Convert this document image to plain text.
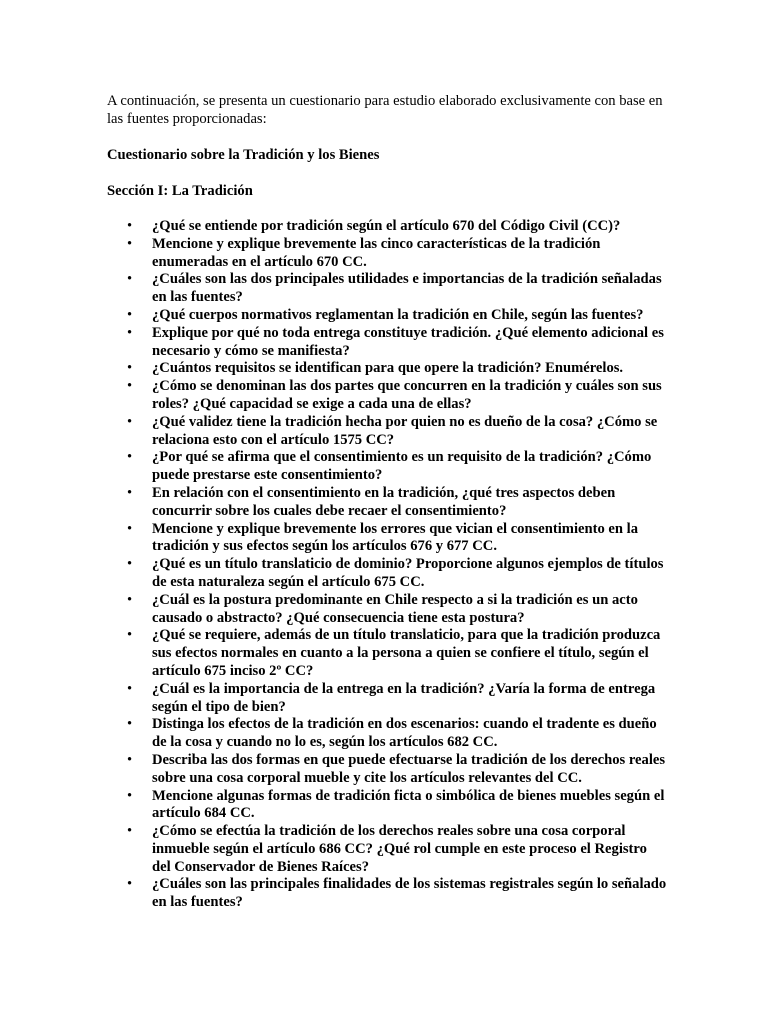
A continuación, se presenta un cuestionario para estudio elaborado exclusivamente con base en las fuentes proporcionadas:

Cuestionario sobre la Tradición y los Bienes

Sección I: La Tradición

• ¿Qué se entiende por tradición según el artículo 670 del Código Civil (CC)?
• Mencione y explique brevemente las cinco características de la tradición enumeradas en el artículo 670 CC.
• ¿Cuáles son las dos principales utilidades e importancias de la tradición señaladas en las fuentes?
• ¿Qué cuerpos normativos reglamentan la tradición en Chile, según las fuentes?
• Explique por qué no toda entrega constituye tradición. ¿Qué elemento adicional es necesario y cómo se manifiesta?
• ¿Cuántos requisitos se identifican para que opere la tradición? Enumérelos.
• ¿Cómo se denominan las dos partes que concurren en la tradición y cuáles son sus roles? ¿Qué capacidad se exige a cada una de ellas?
• ¿Qué validez tiene la tradición hecha por quien no es dueño de la cosa? ¿Cómo se relaciona esto con el artículo 1575 CC?
• ¿Por qué se afirma que el consentimiento es un requisito de la tradición? ¿Cómo puede prestarse este consentimiento?
• En relación con el consentimiento en la tradición, ¿qué tres aspectos deben concurrir sobre los cuales debe recaer el consentimiento?
• Mencione y explique brevemente los errores que vician el consentimiento en la tradición y sus efectos según los artículos 676 y 677 CC.
• ¿Qué es un título translaticio de dominio? Proporcione algunos ejemplos de títulos de esta naturaleza según el artículo 675 CC.
• ¿Cuál es la postura predominante en Chile respecto a si la tradición es un acto causado o abstracto? ¿Qué consecuencia tiene esta postura?
• ¿Qué se requiere, además de un título translaticio, para que la tradición produzca sus efectos normales en cuanto a la persona a quien se confiere el título, según el artículo 675 inciso 2º CC?
• ¿Cuál es la importancia de la entrega en la tradición? ¿Varía la forma de entrega según el tipo de bien?
• Distinga los efectos de la tradición en dos escenarios: cuando el tradente es dueño de la cosa y cuando no lo es, según los artículos 682 CC.
• Describa las dos formas en que puede efectuarse la tradición de los derechos reales sobre una cosa corporal mueble y cite los artículos relevantes del CC.
• Mencione algunas formas de tradición ficta o simbólica de bienes muebles según el artículo 684 CC.
• ¿Cómo se efectúa la tradición de los derechos reales sobre una cosa corporal inmueble según el artículo 686 CC? ¿Qué rol cumple en este proceso el Registro del Conservador de Bienes Raíces?
• ¿Cuáles son las principales finalidades de los sistemas registrales según lo señalado en las fuentes?
